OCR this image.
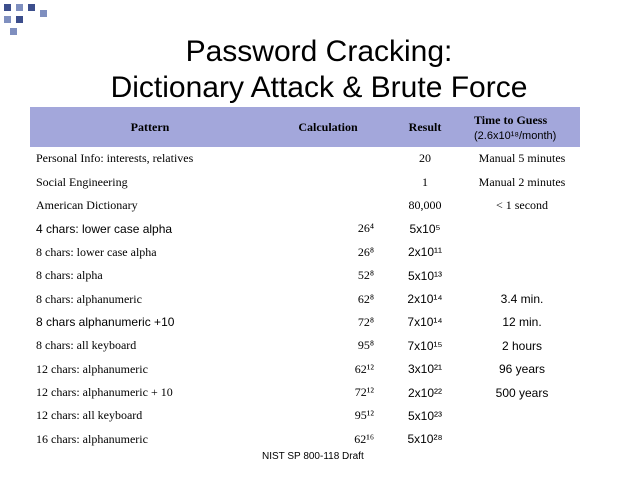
Password Cracking:
Dictionary Attack & Brute Force
Pattern	Calculation	Result	Time to Guess
(2.6x10¹⁸/month)

Personal Info: interests, relatives		20	Manual 5 minutes
Social Engineering		1	Manual 2 minutes
American Dictionary		80,000	< 1 second
4 chars: lower case alpha	26⁴	5x10⁵	
8 chars: lower case alpha	26⁸	2x10¹¹	
8 chars: alpha	52⁸	5x10¹³	
8 chars: alphanumeric	62⁸	2x10¹⁴	3.4 min.
8 chars alphanumeric +10	72⁸	7x10¹⁴	12 min.
8 chars: all keyboard	95⁸	7x10¹⁵	2 hours
12 chars: alphanumeric	62¹²	3x10²¹	96 years
12 chars: alphanumeric + 10	72¹²	2x10²²	500 years
12 chars: all keyboard	95¹²	5x10²³	
16 chars: alphanumeric	62¹⁶	5x10²⁸	
NIST SP 800-118 Draft
